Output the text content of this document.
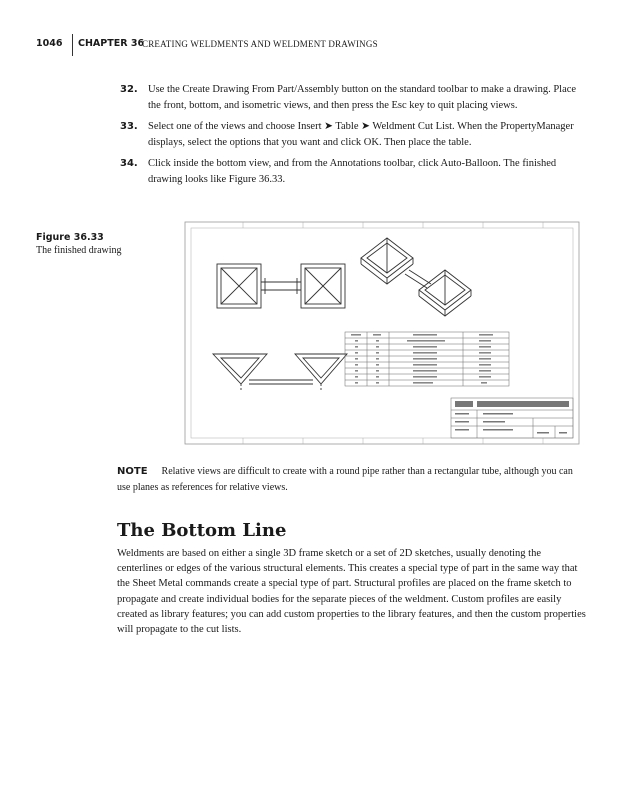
1046 CHAPTER 36
CREATING WELDMENTS AND WELDMENT DRAWINGS
32. Use the Create Drawing From Part/Assembly button on the standard toolbar to make a drawing. Place the front, bottom, and isometric views, and then press the Esc key to quit placing views.
33. Select one of the views and choose Insert ➤ Table ➤ Weldment Cut List. When the PropertyManager displays, select the options that you want and click OK. Then place the table.
34. Click inside the bottom view, and from the Annotations toolbar, click Auto-Balloon. The finished drawing looks like Figure 36.33.
Figure 36.33
The finished drawing
NOTE Relative views are difficult to create with a round pipe rather than a rectangular tube, although you can use planes as references for relative views.
The Bottom Line
Weldments are based on either a single 3D frame sketch or a set of 2D sketches, usually denoting the centerlines or edges of the various structural elements. This creates a special type of part in the same way that the Sheet Metal commands create a special type of part. Structural profiles are placed on the frame sketch to propagate and create individual bodies for the separate pieces of the weldment. Custom profiles are easily created as library features; you can add custom properties to the library features, and then the custom properties will propagate to the cut lists.
